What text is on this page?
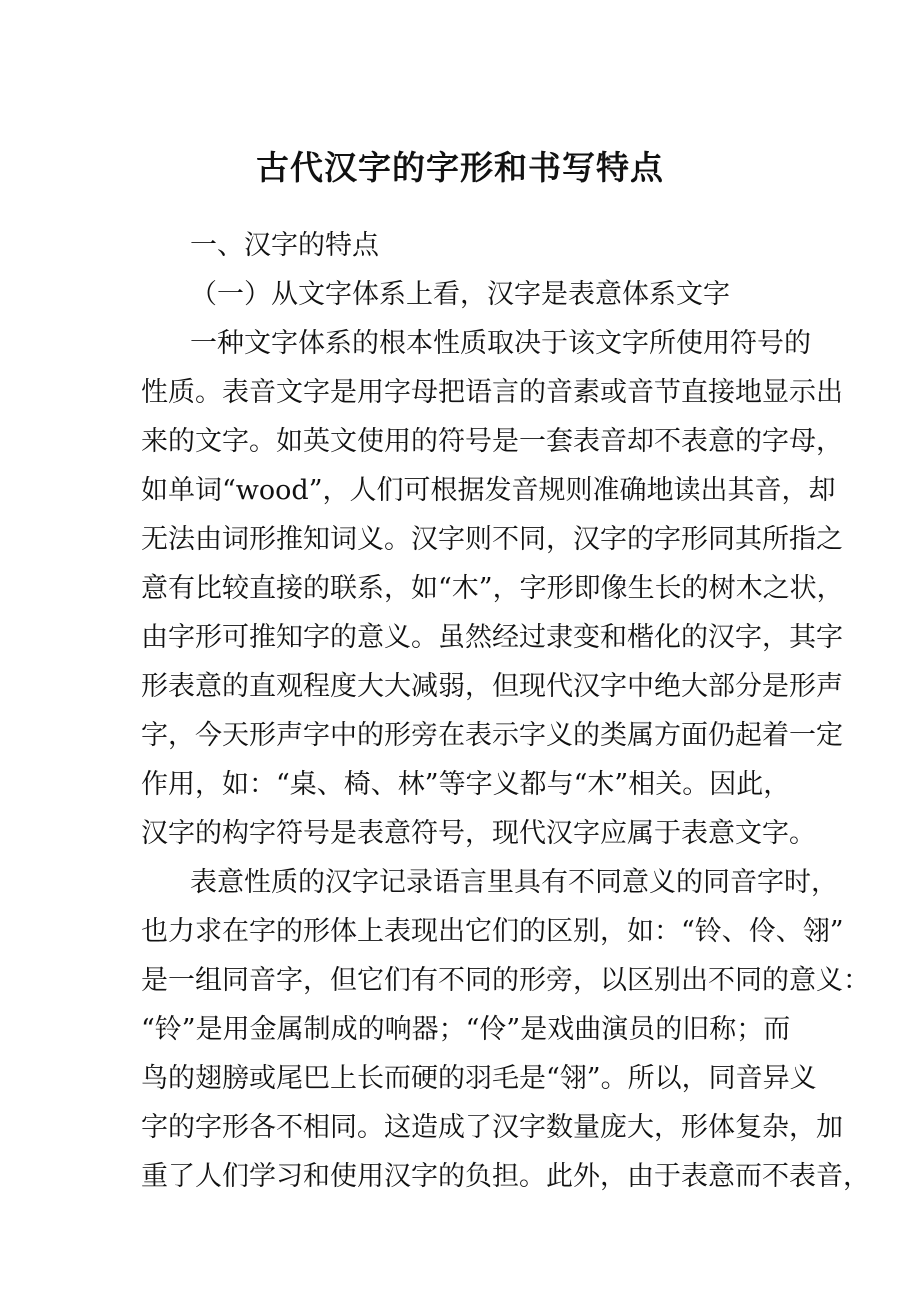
古代汉字的字形和书写特点
一、汉字的特点
（一）从文字体系上看，汉字是表意体系文字
一种文字体系的根本性质取决于该文字所使用符号的
性质。表音文字是用字母把语言的音素或音节直接地显示出
来的文字。如英文使用的符号是一套表音却不表意的字母，
如单词“wood”，人们可根据发音规则准确地读出其音，却
无法由词形推知词义。汉字则不同，汉字的字形同其所指之
意有比较直接的联系，如“木”，字形即像生长的树木之状，
由字形可推知字的意义。虽然经过隶变和楷化的汉字，其字
形表意的直观程度大大减弱，但现代汉字中绝大部分是形声
字，今天形声字中的形旁在表示字义的类属方面仍起着一定
作用，如：“桌、椅、林”等字义都与“木”相关。因此，
汉字的构字符号是表意符号，现代汉字应属于表意文字。
表意性质的汉字记录语言里具有不同意义的同音字时，
也力求在字的形体上表现出它们的区别，如：“铃、伶、翎”
是一组同音字，但它们有不同的形旁，以区别出不同的意义：
“铃”是用金属制成的响器；“伶”是戏曲演员的旧称；而
鸟的翅膀或尾巴上长而硬的羽毛是“翎”。所以，同音异义
字的字形各不相同。这造成了汉字数量庞大，形体复杂，加
重了人们学习和使用汉字的负担。此外，由于表意而不表音，
